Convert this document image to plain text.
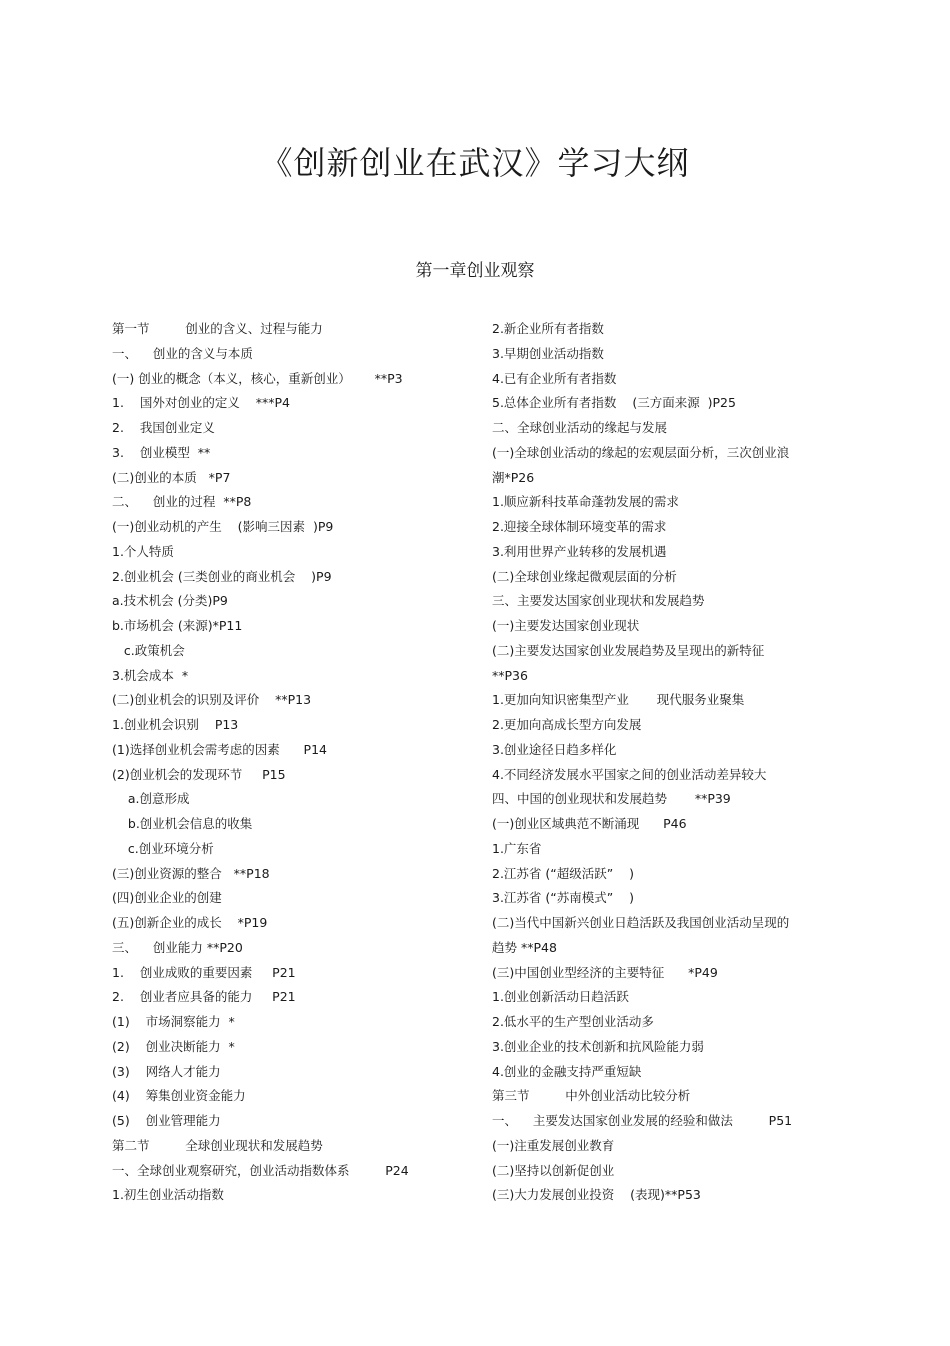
《创新创业在武汉》学习大纲
第一章创业观察
第一节         创业的含义、过程与能力
一、    创业的含义与本质
(一) 创业的概念（本义，核心，重新创业）      **P3
1.    国外对创业的定义    ***P4
2.    我国创业定义
3.    创业模型  **
(二)创业的本质   *P7
二、    创业的过程  **P8
(一)创业动机的产生    (影响三因素  )P9
1.个人特质
2.创业机会 (三类创业的商业机会    )P9
a.技术机会 (分类)P9
b.市场机会 (来源)*P11
c.政策机会
3.机会成本  *
(二)创业机会的识别及评价    **P13
1.创业机会识别    P13
(1)选择创业机会需考虑的因素      P14
(2)创业机会的发现环节     P15
a.创意形成
b.创业机会信息的收集
c.创业环境分析
(三)创业资源的整合   **P18
(四)创业企业的创建
(五)创新企业的成长    *P19
三、    创业能力 **P20
1.    创业成败的重要因素     P21
2.    创业者应具备的能力     P21
(1)    市场洞察能力  *
(2)    创业决断能力  *
(3)    网络人才能力
(4)    筹集创业资金能力
(5)    创业管理能力
第二节         全球创业现状和发展趋势
一、全球创业观察研究，创业活动指数体系         P24
1.初生创业活动指数
2.新企业所有者指数
3.早期创业活动指数
4.已有企业所有者指数
5.总体企业所有者指数    (三方面来源  )P25
二、全球创业活动的缘起与发展
(一)全球创业活动的缘起的宏观层面分析，三次创业浪
潮*P26
1.顺应新科技革命蓬勃发展的需求
2.迎接全球体制环境变革的需求
3.利用世界产业转移的发展机遇
(二)全球创业缘起微观层面的分析
三、主要发达国家创业现状和发展趋势
(一)主要发达国家创业现状
(二)主要发达国家创业发展趋势及呈现出的新特征
**P36
1.更加向知识密集型产业       现代服务业聚集
2.更加向高成长型方向发展
3.创业途径日趋多样化
4.不同经济发展水平国家之间的创业活动差异较大
四、中国的创业现状和发展趋势       **P39
(一)创业区域典范不断涌现      P46
1.广东省
2.江苏省 (“超级活跃”    )
3.江苏省 (“苏南模式”    )
(二)当代中国新兴创业日趋活跃及我国创业活动呈现的
趋势 **P48
(三)中国创业型经济的主要特征      *P49
1.创业创新活动日趋活跃
2.低水平的生产型创业活动多
3.创业企业的技术创新和抗风险能力弱
4.创业的金融支持严重短缺
第三节         中外创业活动比较分析
一、    主要发达国家创业发展的经验和做法         P51
(一)注重发展创业教育
(二)坚持以创新促创业
(三)大力发展创业投资    (表现)**P53
